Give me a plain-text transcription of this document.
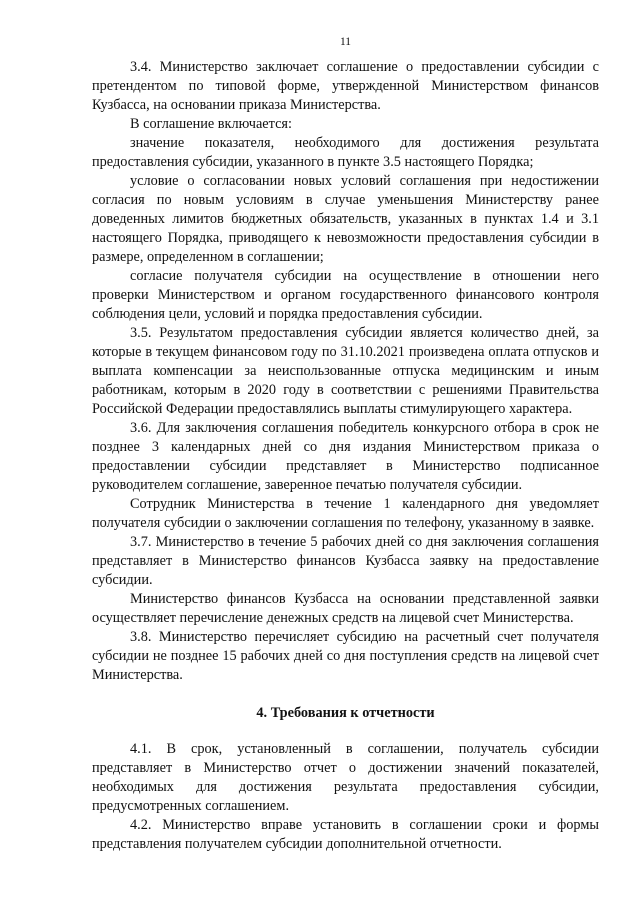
11

3.4. Министерство заключает соглашение о предоставлении субсидии с претендентом по типовой форме, утвержденной Министерством финансов Кузбасса, на основании приказа Министерства.

В соглашение включается:

значение показателя, необходимого для достижения результата предоставления субсидии, указанного в пункте 3.5 настоящего Порядка;

условие о согласовании новых условий соглашения при недостижении согласия по новым условиям в случае уменьшения Министерству ранее доведенных лимитов бюджетных обязательств, указанных в пунктах 1.4 и 3.1 настоящего Порядка, приводящего к невозможности предоставления субсидии в размере, определенном в соглашении;

согласие получателя субсидии на осуществление в отношении него проверки Министерством и органом государственного финансового контроля соблюдения цели, условий и порядка предоставления субсидии.

3.5. Результатом предоставления субсидии является количество дней, за которые в текущем финансовом году по 31.10.2021 произведена оплата отпусков и выплата компенсации за неиспользованные отпуска медицинским и иным работникам, которым в 2020 году в соответствии с решениями Правительства Российской Федерации предоставлялись выплаты стимулирующего характера.

3.6. Для заключения соглашения победитель конкурсного отбора в срок не позднее 3 календарных дней со дня издания Министерством приказа о предоставлении субсидии представляет в Министерство подписанное руководителем соглашение, заверенное печатью получателя субсидии.

Сотрудник Министерства в течение 1 календарного дня уведомляет получателя субсидии о заключении соглашения по телефону, указанному в заявке.

3.7. Министерство в течение 5 рабочих дней со дня заключения соглашения представляет в Министерство финансов Кузбасса заявку на предоставление субсидии.

Министерство финансов Кузбасса на основании представленной заявки осуществляет перечисление денежных средств на лицевой счет Министерства.

3.8. Министерство перечисляет субсидию на расчетный счет получателя субсидии не позднее 15 рабочих дней со дня поступления средств на лицевой счет Министерства.

4. Требования к отчетности

4.1. В срок, установленный в соглашении, получатель субсидии представляет в Министерство отчет о достижении значений показателей, необходимых для достижения результата предоставления субсидии, предусмотренных соглашением.

4.2. Министерство вправе установить в соглашении сроки и формы представления получателем субсидии дополнительной отчетности.
